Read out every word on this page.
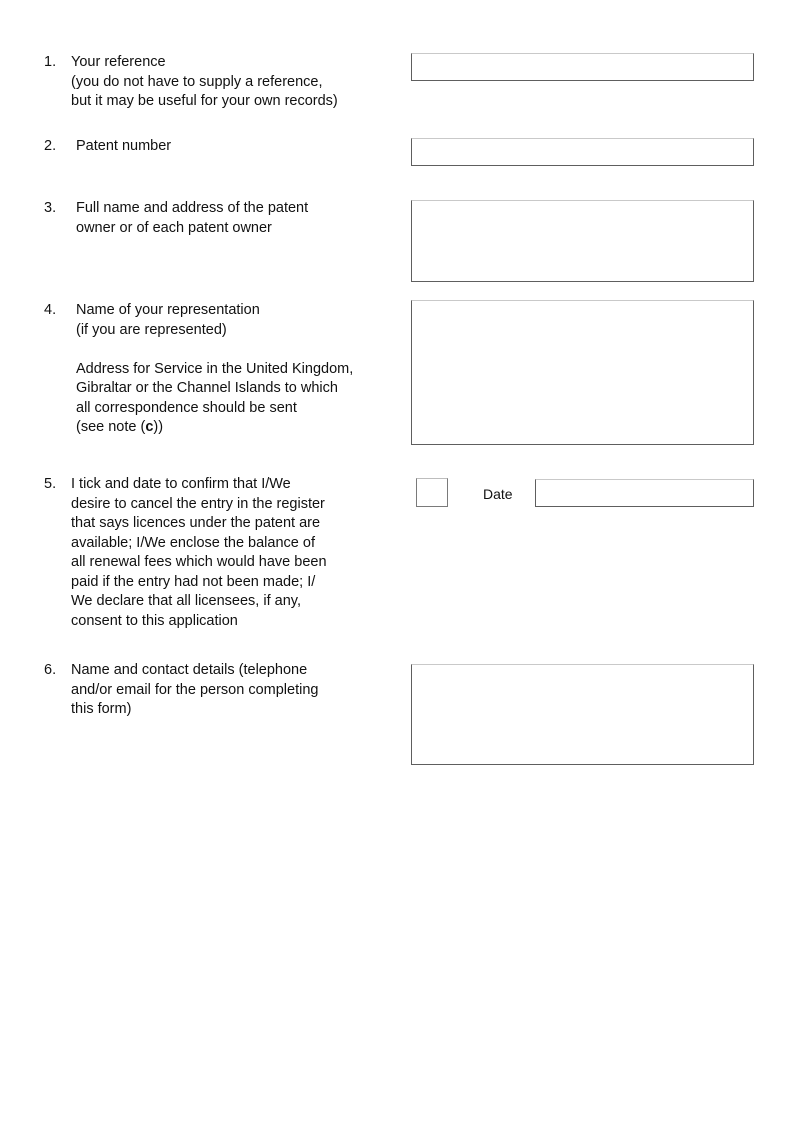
1. Your reference
(you do not have to supply a reference,
but it may be useful for your own records)
2. Patent number
3. Full name and address of the patent
owner or of each patent owner
4. Name of your representation
(if you are represented)
Address for Service in the United Kingdom,
Gibraltar or the Channel Islands to which
all correspondence should be sent
(see note (c))
5. I tick and date to confirm that I/We
desire to cancel the entry in the register
that says licences under the patent are
available; I/We enclose the balance of
all renewal fees which would have been
paid if the entry had not been made; I/
We declare that all licensees, if any,
consent to this application
Date
6. Name and contact details (telephone
and/or email for the person completing
this form)
